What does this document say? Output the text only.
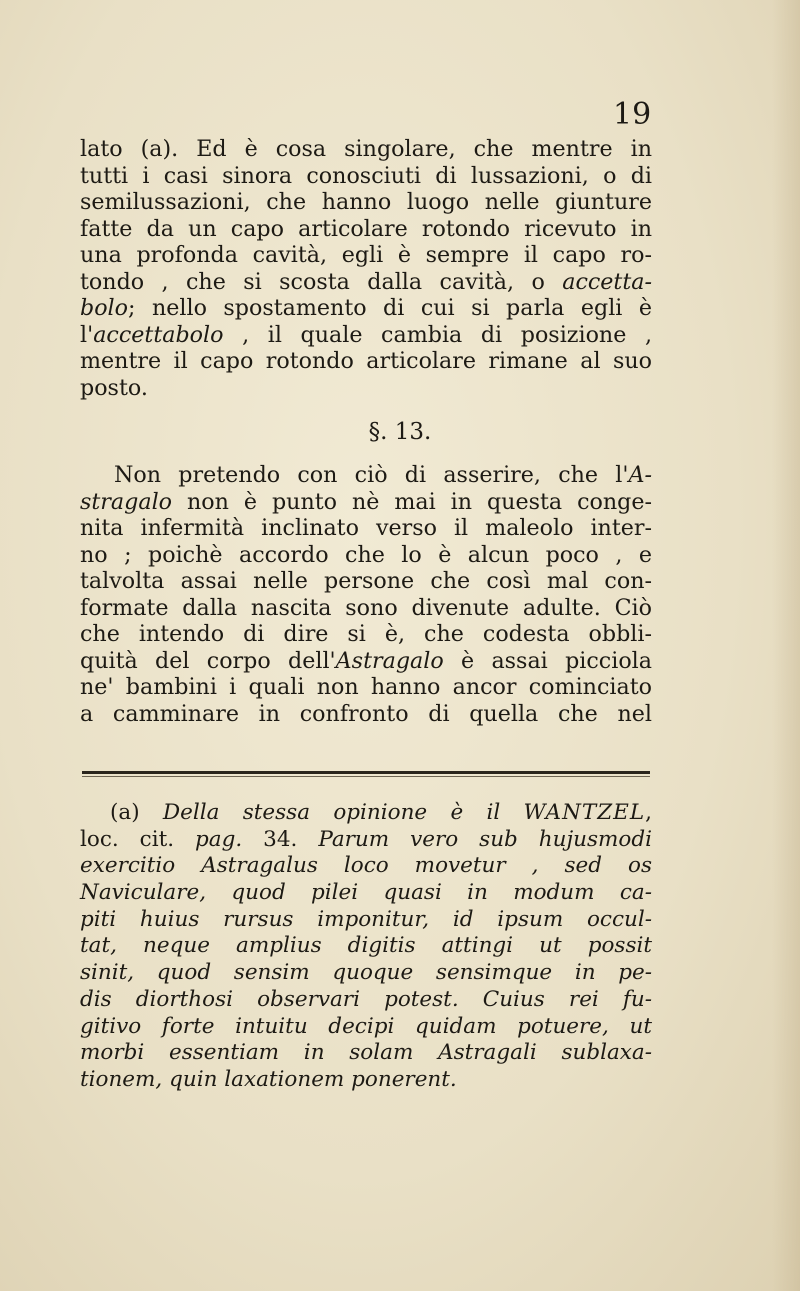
19
lato (a). Ed è cosa singolare, che mentre in
tutti i casi sinora conosciuti di lussazioni, o di
semilussazioni, che hanno luogo nelle giunture
fatte da un capo articolare rotondo ricevuto in
una profonda cavità, egli è sempre il capo ro-
tondo , che si scosta dalla cavità, o accetta-
bolo; nello spostamento di cui si parla egli è
l'accettabolo , il quale cambia di posizione ,
mentre il capo rotondo articolare rimane al suo
posto.
§. 13.
Non pretendo con ciò di asserire, che l'A-
stragalo non è punto nè mai in questa conge-
nita infermità inclinato verso il maleolo inter-
no ; poichè accordo che lo è alcun poco , e
talvolta assai nelle persone che così mal con-
formate dalla nascita sono divenute adulte. Ciò
che intendo di dire si è, che codesta obbli-
quità del corpo dell'Astragalo è assai picciola
ne' bambini i quali non hanno ancor cominciato
a camminare in confronto di quella che nel
(a) Della stessa opinione è il WANTZEL,
loc. cit. pag. 34. Parum vero sub hujusmodi
exercitio Astragalus loco movetur , sed os
Naviculare, quod pilei quasi in modum ca-
piti huius rursus imponitur, id ipsum occul-
tat, neque amplius digitis attingi ut possit
sinit, quod sensim quoque sensimque in pe-
dis diorthosi observari potest. Cuius rei fu-
gitivo forte intuitu decipi quidam potuere, ut
morbi essentiam in solam Astragali sublaxa-
tionem, quin laxationem ponerent.
